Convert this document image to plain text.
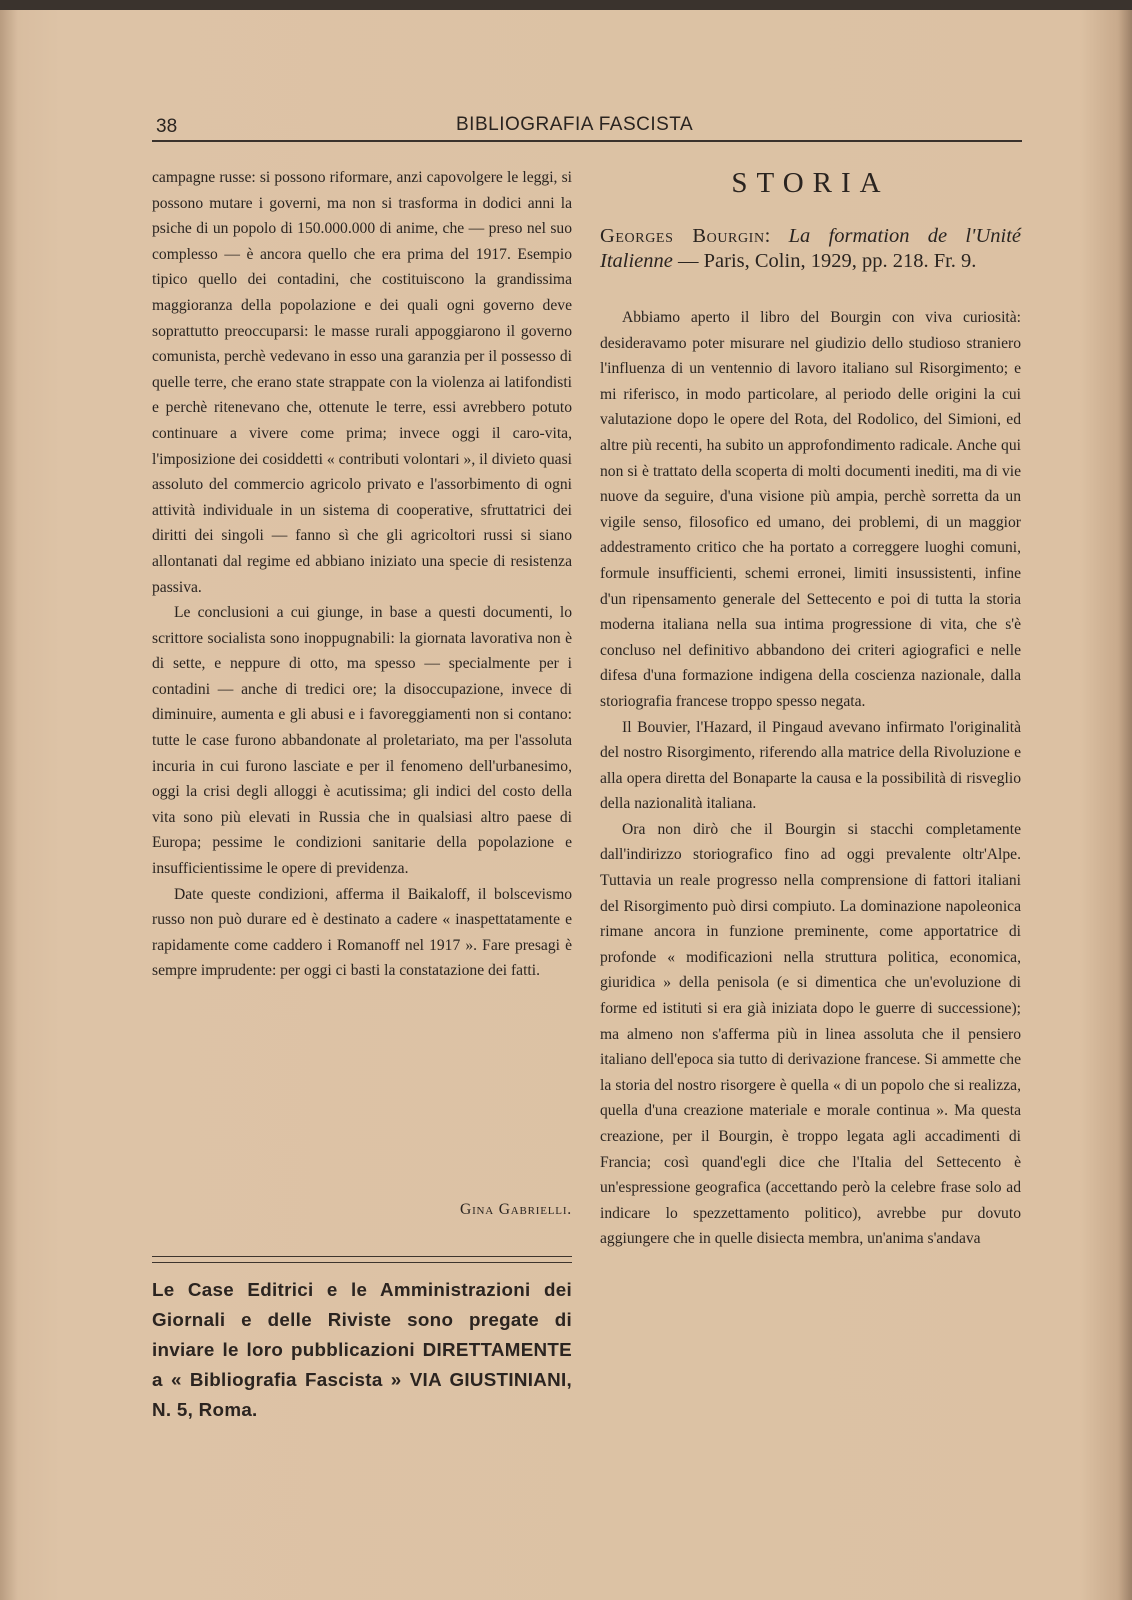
38	BIBLIOGRAFIA FASCISTA

campagne russe: si possono riformare, anzi capovolgere le leggi, si possono mutare i governi, ma non si trasforma in dodici anni la psiche di un popolo di 150.000.000 di anime, che — preso nel suo complesso — è ancora quello che era prima del 1917. Esempio tipico quello dei contadini, che costituiscono la grandissima maggioranza della popolazione e dei quali ogni governo deve soprattutto preoccuparsi: le masse rurali appoggiarono il governo comunista, perchè vedevano in esso una garanzia per il possesso di quelle terre, che erano state strappate con la violenza ai latifondisti e perchè ritenevano che, ottenute le terre, essi avrebbero potuto continuare a vivere come prima; invece oggi il caro-vita, l'imposizione dei cosiddetti « contributi volontari », il divieto quasi assoluto del commercio agricolo privato e l'assorbimento di ogni attività individuale in un sistema di cooperative, sfruttatrici dei diritti dei singoli — fanno sì che gli agricoltori russi si siano allontanati dal regime ed abbiano iniziato una specie di resistenza passiva.

Le conclusioni a cui giunge, in base a questi documenti, lo scrittore socialista sono inoppugnabili: la giornata lavorativa non è di sette, e neppure di otto, ma spesso — specialmente per i contadini — anche di tredici ore; la disoccupazione, invece di diminuire, aumenta e gli abusi e i favoreggiamenti non si contano: tutte le case furono abbandonate al proletariato, ma per l'assoluta incuria in cui furono lasciate e per il fenomeno dell'urbanesimo, oggi la crisi degli alloggi è acutissima; gli indici del costo della vita sono più elevati in Russia che in qualsiasi altro paese di Europa; pessime le condizioni sanitarie della popolazione e insufficientissime le opere di previdenza.

Date queste condizioni, afferma il Baikaloff, il bolscevismo russo non può durare ed è destinato a cadere « inaspettatamente e rapidamente come caddero i Romanoff nel 1917 ». Fare presagi è sempre imprudente: per oggi ci basti la constatazione dei fatti.

Gina Gabrielli.
Le Case Editrici e le Amministrazioni dei Giornali e delle Riviste sono pregate di inviare le loro pubblicazioni DIRETTAMENTE a « Bibliografia Fascista » VIA GIUSTINIANI, N. 5, Roma.
STORIA
Georges Bourgin: La formation de l'Unité Italienne — Paris, Colin, 1929, pp. 218. Fr. 9.

Abbiamo aperto il libro del Bourgin con viva curiosità: desideravamo poter misurare nel giudizio dello studioso straniero l'influenza di un ventennio di lavoro italiano sul Risorgimento; e mi riferisco, in modo particolare, al periodo delle origini la cui valutazione dopo le opere del Rota, del Rodolico, del Simioni, ed altre più recenti, ha subito un approfondimento radicale. Anche qui non si è trattato della scoperta di molti documenti inediti, ma di vie nuove da seguire, d'una visione più ampia, perchè sorretta da un vigile senso, filosofico ed umano, dei problemi, di un maggior addestramento critico che ha portato a correggere luoghi comuni, formule insufficienti, schemi erronei, limiti insussistenti, infine d'un ripensamento generale del Settecento e poi di tutta la storia moderna italiana nella sua intima progressione di vita, che s'è concluso nel definitivo abbandono dei criteri agiografici e nelle difesa d'una formazione indigena della coscienza nazionale, dalla storiografia francese troppo spesso negata.

Il Bouvier, l'Hazard, il Pingaud avevano infirmato l'originalità del nostro Risorgimento, riferendo alla matrice della Rivoluzione e alla opera diretta del Bonaparte la causa e la possibilità di risveglio della nazionalità italiana.

Ora non dirò che il Bourgin si stacchi completamente dall'indirizzo storiografico fino ad oggi prevalente oltr'Alpe. Tuttavia un reale progresso nella comprensione di fattori italiani del Risorgimento può dirsi compiuto. La dominazione napoleonica rimane ancora in funzione preminente, come apportatrice di profonde « modificazioni nella struttura politica, economica, giuridica » della penisola (e si dimentica che un'evoluzione di forme ed istituti si era già iniziata dopo le guerre di successione); ma almeno non s'afferma più in linea assoluta che il pensiero italiano dell'epoca sia tutto di derivazione francese. Si ammette che la storia del nostro risorgere è quella « di un popolo che si realizza, quella d'una creazione materiale e morale continua ». Ma questa creazione, per il Bourgin, è troppo legata agli accadimenti di Francia; così quand'egli dice che l'Italia del Settecento è un'espressione geografica (accettando però la celebre frase solo ad indicare lo spezzettamento politico), avrebbe pur dovuto aggiungere che in quelle disiecta membra, un'anima s'andava
